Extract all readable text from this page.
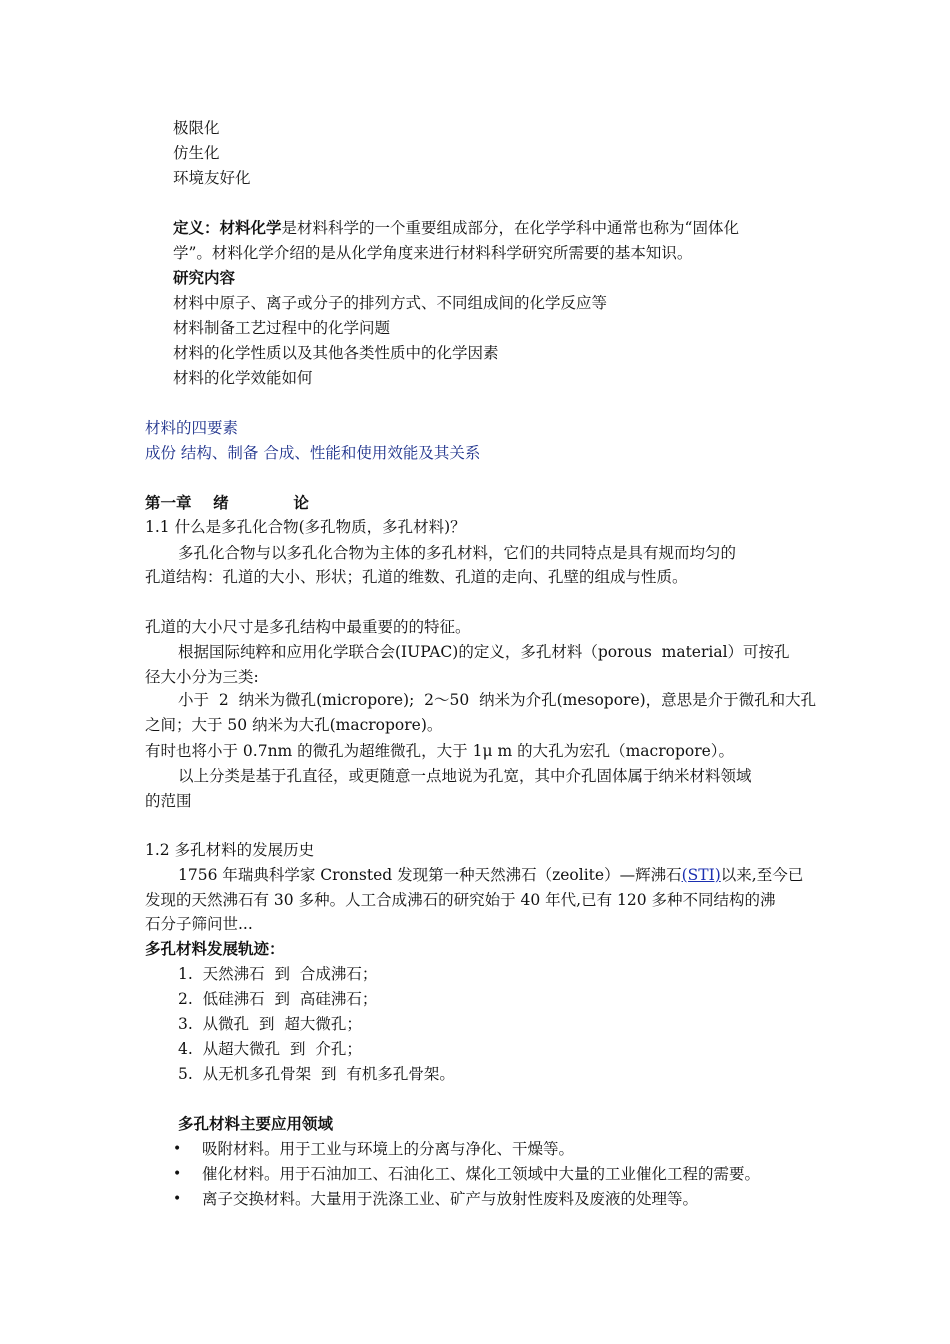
极限化
仿生化
环境友好化
定义：材料化学是材料科学的一个重要组成部分，在化学学科中通常也称为“固体化
学”。材料化学介绍的是从化学角度来进行材料科学研究所需要的基本知识。
研究内容
材料中原子、离子或分子的排列方式、不同组成间的化学反应等
材料制备工艺过程中的化学问题
材料的化学性质以及其他各类性质中的化学因素
材料的化学效能如何
材料的四要素
成份 结构、制备 合成、性能和使用效能及其关系
第一章    绪            论
1.1 什么是多孔化合物(多孔物质，多孔材料)？
多孔化合物与以多孔化合物为主体的多孔材料，它们的共同特点是具有规而均匀的
孔道结构：孔道的大小、形状；孔道的维数、孔道的走向、孔壁的组成与性质。
孔道的大小尺寸是多孔结构中最重要的的特征。
根据国际纯粹和应用化学联合会(IUPAC)的定义，多孔材料（porous  material）可按孔
径大小分为三类:
小于  2  纳米为微孔(micropore);  2～50  纳米为介孔(mesopore)，意思是介于微孔和大孔
之间；大于 50 纳米为大孔(macropore)。
有时也将小于 0.7nm 的微孔为超维微孔，大于 1μ m 的大孔为宏孔（macropore）。
以上分类是基于孔直径，或更随意一点地说为孔宽，其中介孔固体属于纳米材料领域
的范围
1.2 多孔材料的发展历史
1756 年瑞典科学家 Cronsted 发现第一种天然沸石（zeolite）—辉沸石(STI)以来,至今已
发现的天然沸石有 30 多种。人工合成沸石的研究始于 40 年代,已有 120 多种不同结构的沸
石分子筛问世...
多孔材料发展轨迹：
1.  天然沸石  到  合成沸石；
2.  低硅沸石  到  高硅沸石；
3.  从微孔  到  超大微孔；
4.  从超大微孔  到  介孔；
5.  从无机多孔骨架  到  有机多孔骨架。
多孔材料主要应用领域
• 吸附材料。用于工业与环境上的分离与净化、干燥等。
• 催化材料。用于石油加工、石油化工、煤化工领域中大量的工业催化工程的需要。
• 离子交换材料。大量用于洗涤工业、矿产与放射性废料及废液的处理等。
